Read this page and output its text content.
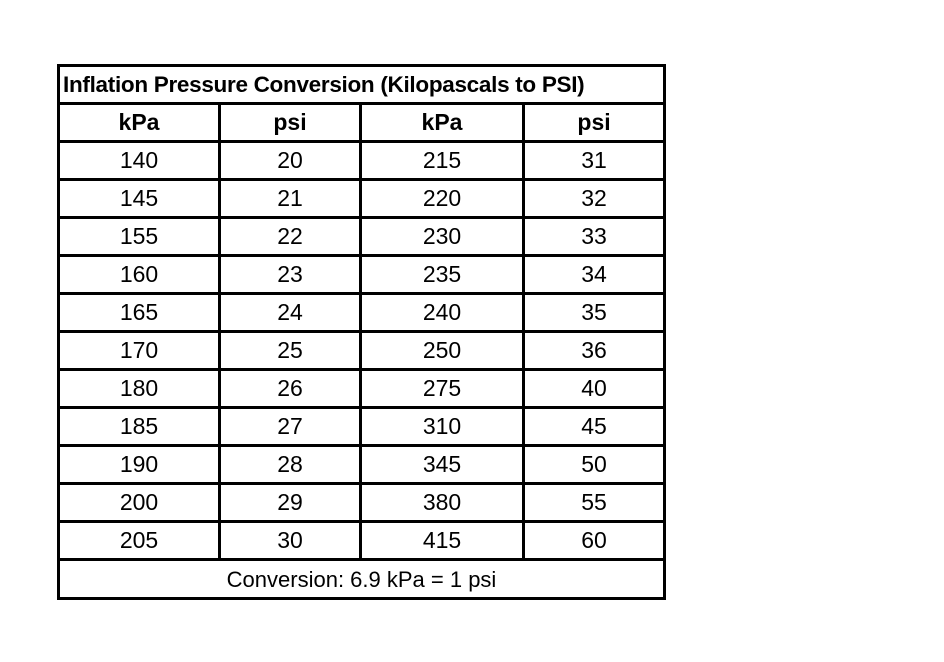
Inflation Pressure Conversion (Kilopascals to PSI)			
kPa	psi	kPa	psi
140	20	215	31
145	21	220	32
155	22	230	33
160	23	235	34
165	24	240	35
170	25	250	36
180	26	275	40
185	27	310	45
190	28	345	50
200	29	380	55
205	30	415	60
Conversion: 6.9 kPa = 1 psi			
